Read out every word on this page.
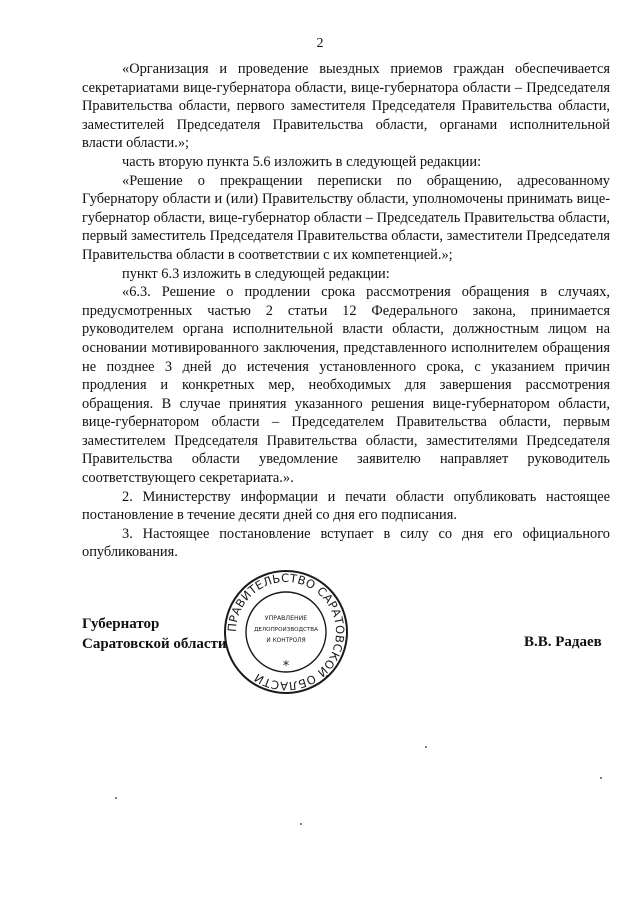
2

«Организация и проведение выездных приемов граждан обеспечивается секретариатами вице-губернатора области, вице-губернатора области – Председателя Правительства области, первого заместителя Председателя Правительства области, заместителей Председателя Правительства области, органами исполнительной власти области.»;

часть вторую пункта 5.6 изложить в следующей редакции:

«Решение о прекращении переписки по обращению, адресованному Губернатору области и (или) Правительству области, уполномочены принимать вице-губернатор области, вице-губернатор области – Председатель Правительства области, первый заместитель Председателя Правительства области, заместители Председателя Правительства области в соответствии с их компетенцией.»;

пункт 6.3 изложить в следующей редакции:

«6.3. Решение о продлении срока рассмотрения обращения в случаях, предусмотренных частью 2 статьи 12 Федерального закона, принимается руководителем органа исполнительной власти области, должностным лицом на основании мотивированного заключения, представленного исполнителем обращения не позднее 3 дней до истечения установленного срока, с указанием причин продления и конкретных мер, необходимых для завершения рассмотрения обращения. В случае принятия указанного решения вице-губернатором области, вице-губернатором области – Председателем Правительства области, первым заместителем Председателя Правительства области, заместителями Председателя Правительства области уведомление заявителю направляет руководитель соответствующего секретариата.».

2. Министерству информации и печати области опубликовать настоящее постановление в течение десяти дней со дня его подписания.

3. Настоящее постановление вступает в силу со дня его официального опубликования.

Губернатор
Саратовской области
ПРАВИТЕЛЬСТВО САРАТОВСКОЙ ОБЛАСТИ
УПРАВЛЕНИЕ
ДЕЛОПРОИЗВОДСТВА
И КОНТРОЛЯ
*
В.В. Радаев
